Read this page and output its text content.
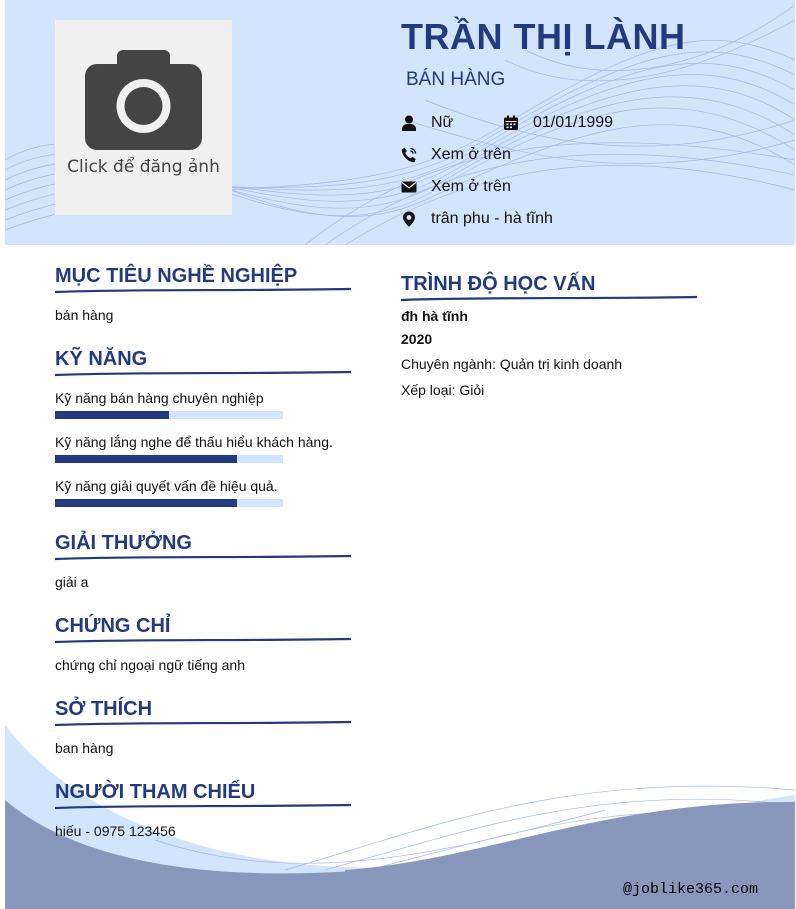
Click để đăng ảnh
TRẦN THỊ LÀNH
BÁN HÀNG
Nữ	01/01/1999
Xem ở trên
Xem ở trên
trân phu - hà tĩnh
MỤC TIÊU NGHỀ NGHIỆP
bán hàng
KỸ NĂNG
Kỹ năng bán hàng chuyên nghiệp
Kỹ năng lắng nghe để thấu hiểu khách hàng.
Kỹ năng giải quyết vấn đề hiệu quả.
GIẢI THƯỞNG
giải a
CHỨNG CHỈ
chứng chỉ ngoại ngữ tiếng anh
SỞ THÍCH
ban hàng
NGƯỜI THAM CHIẾU
hiếu - 0975 123456
TRÌNH ĐỘ HỌC VẤN
đh hà tĩnh
2020
Chuyên ngành: Quản trị kinh doanh
Xếp loại: Giỏi
@joblike365.com
